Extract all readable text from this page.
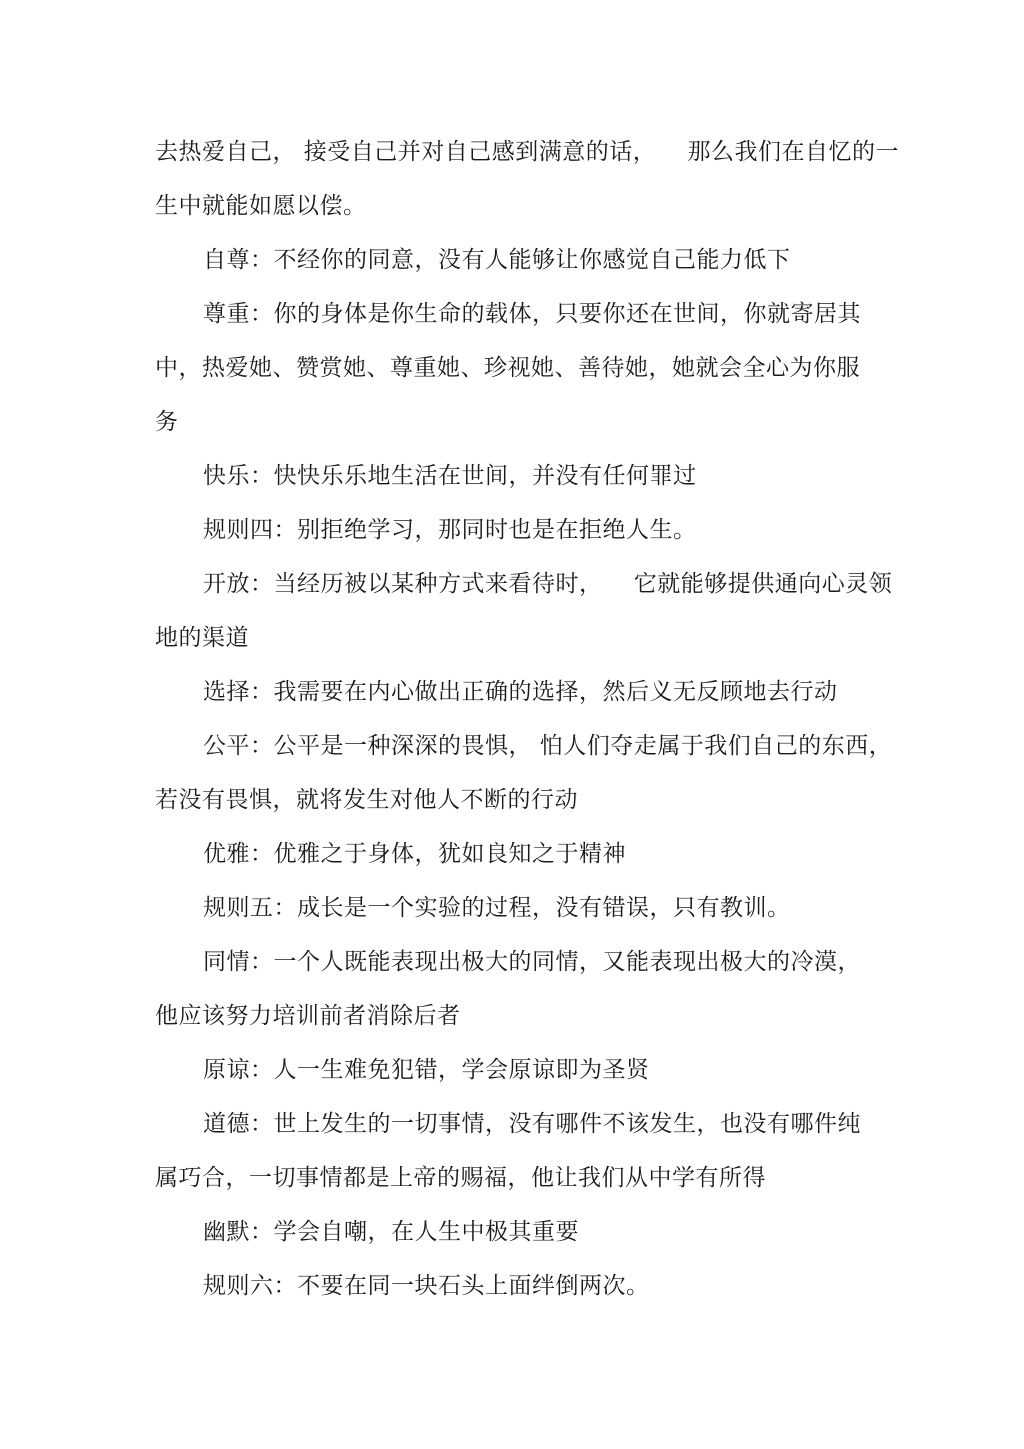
去热爱自己， 接受自己并对自己感到满意的话，    那么我们在自忆的一
生中就能如愿以偿。
自尊：不经你的同意，没有人能够让你感觉自己能力低下
尊重：你的身体是你生命的载体，只要你还在世间，你就寄居其
中，热爱她、赞赏她、尊重她、珍视她、善待她，她就会全心为你服
务
快乐：快快乐乐地生活在世间，并没有任何罪过
规则四：别拒绝学习，那同时也是在拒绝人生。
开放：当经历被以某种方式来看待时，    它就能够提供通向心灵领
地的渠道
选择：我需要在内心做出正确的选择，然后义无反顾地去行动
公平：公平是一种深深的畏惧， 怕人们夺走属于我们自己的东西，
若没有畏惧，就将发生对他人不断的行动
优雅：优雅之于身体，犹如良知之于精神
规则五：成长是一个实验的过程，没有错误，只有教训。
同情：一个人既能表现出极大的同情，又能表现出极大的冷漠，
他应该努力培训前者消除后者
原谅：人一生难免犯错，学会原谅即为圣贤
道德：世上发生的一切事情，没有哪件不该发生，也没有哪件纯
属巧合，一切事情都是上帝的赐福，他让我们从中学有所得
幽默：学会自嘲，在人生中极其重要
规则六：不要在同一块石头上面绊倒两次。
